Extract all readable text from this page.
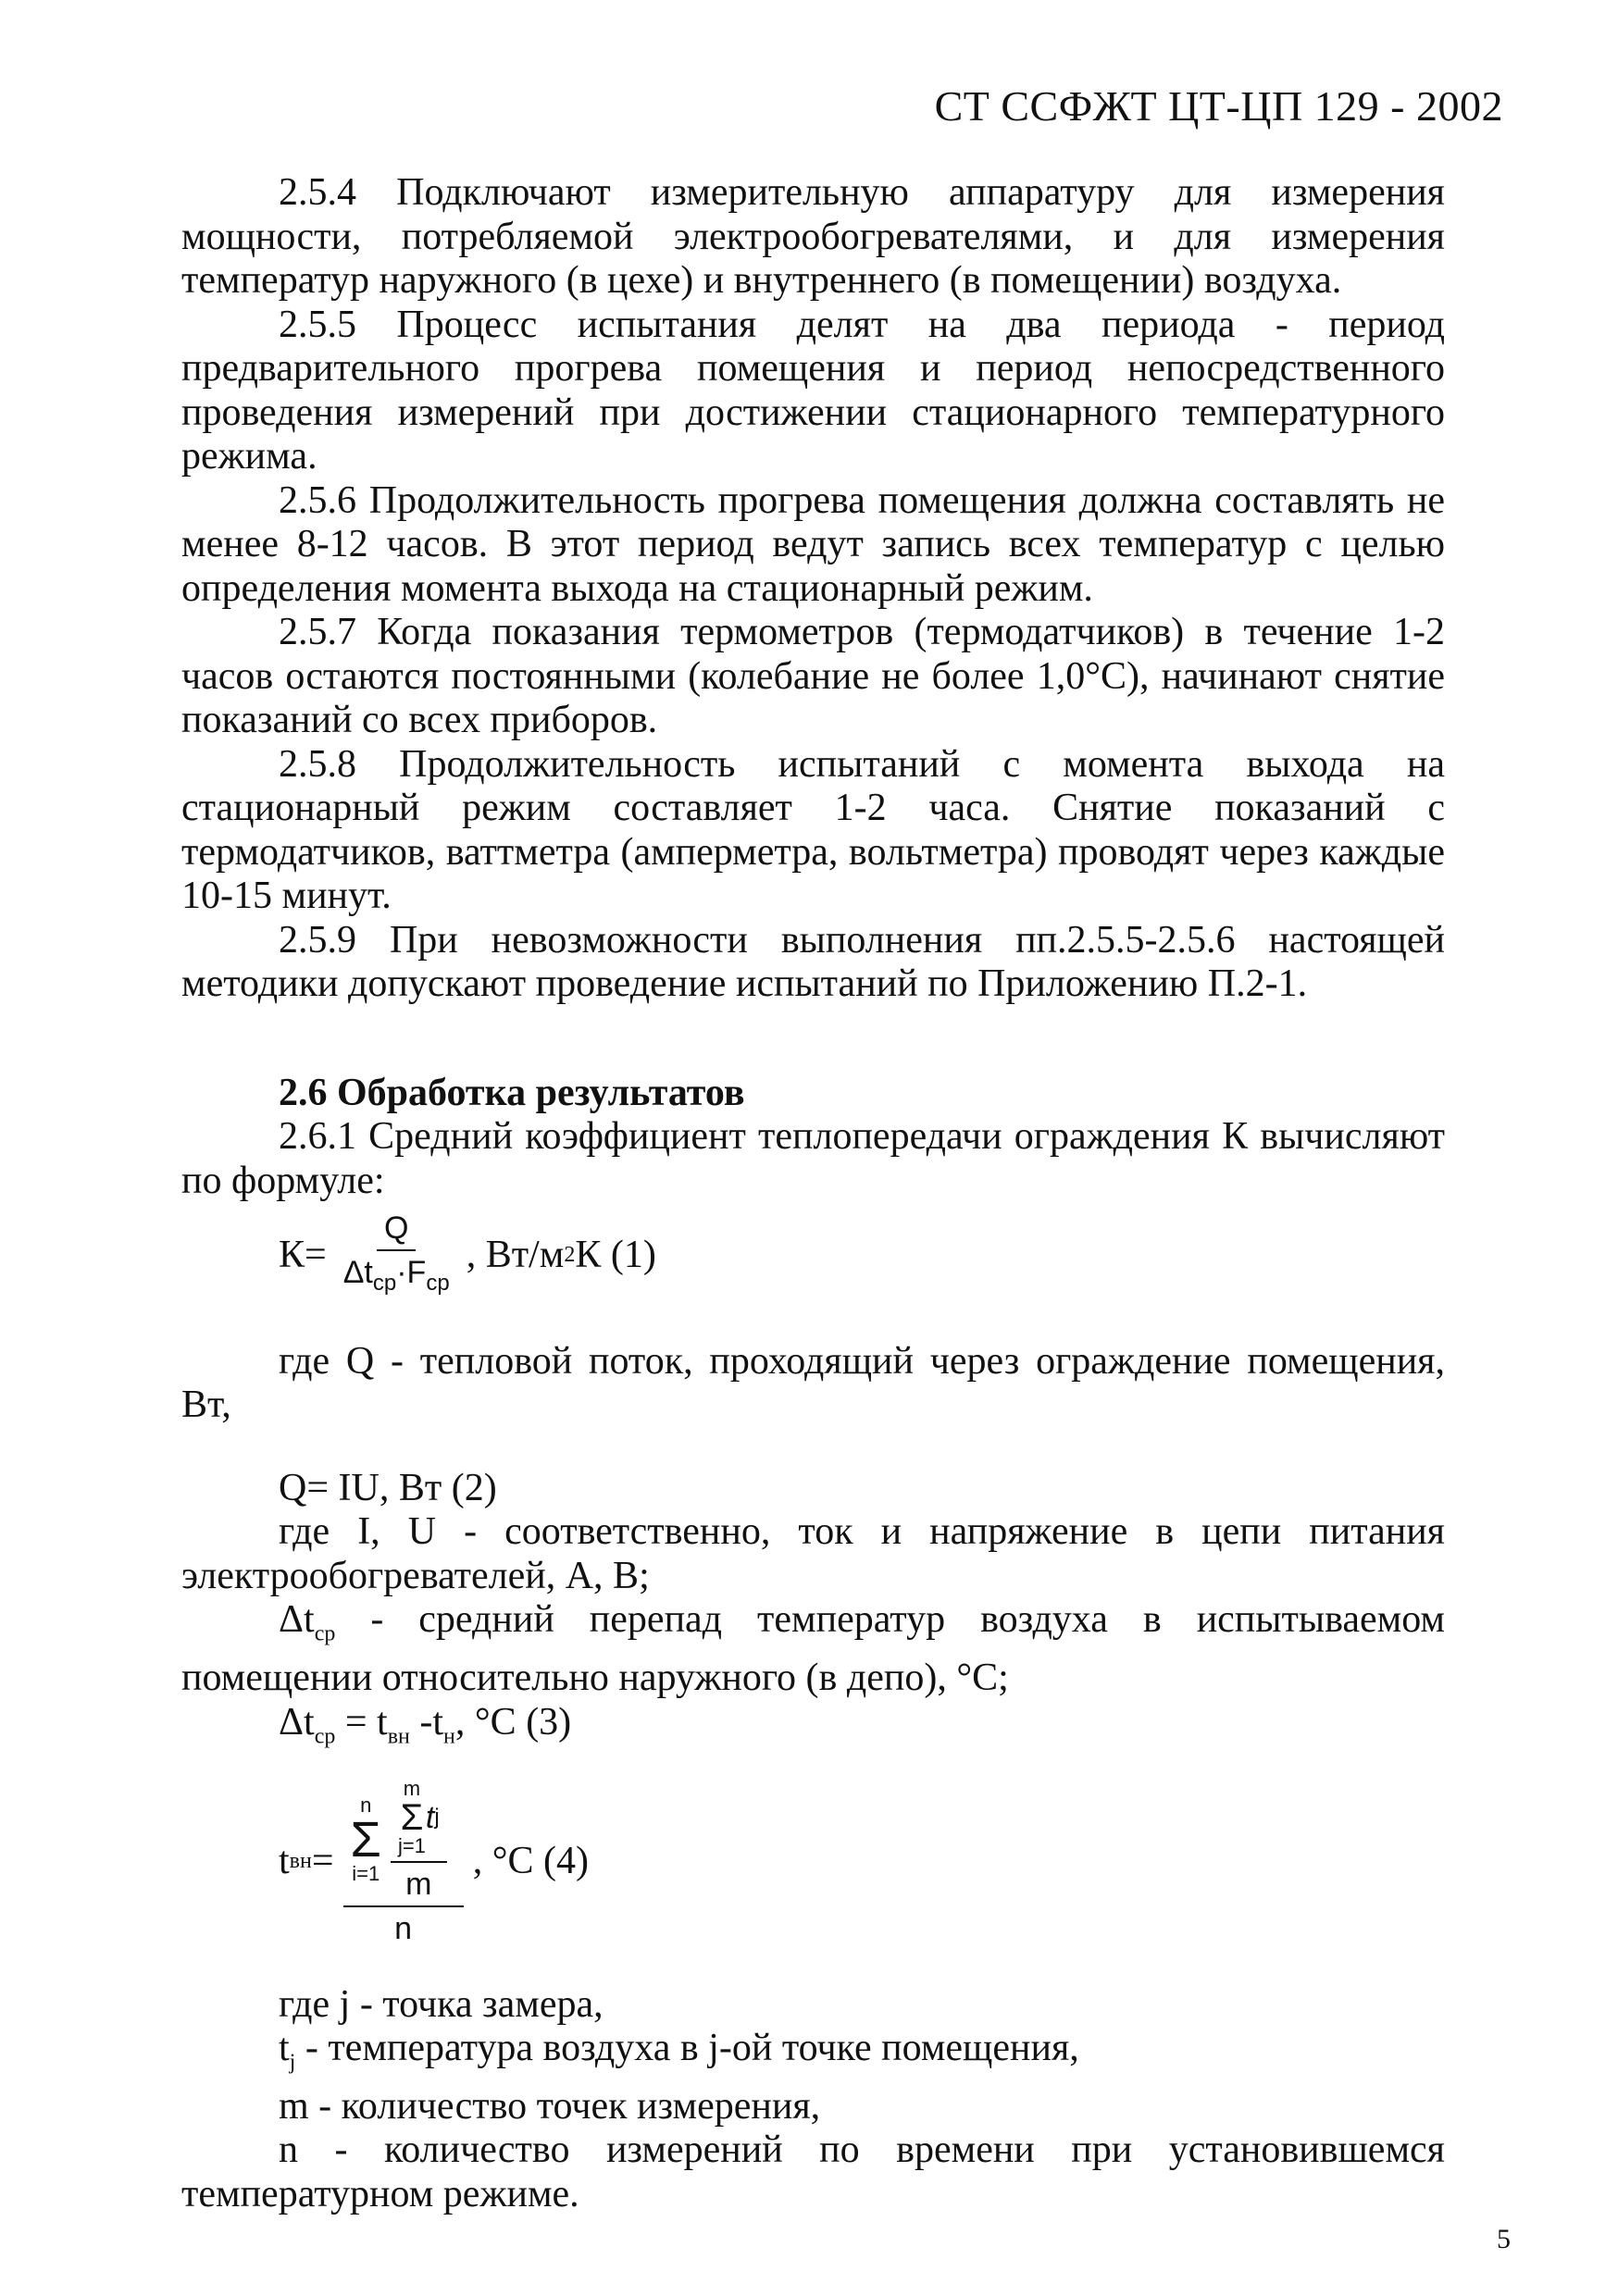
СТ ССФЖТ ЦТ-ЦП 129 - 2002

2.5.4 Подключают измерительную аппаратуру для измерения мощности, потребляемой электрообогревателями, и для измерения температур наружного (в цехе) и внутреннего (в помещении) воздуха.

2.5.5 Процесс испытания делят на два периода - период предварительного прогрева помещения и период непосредственного проведения измерений при достижении стационарного температурного режима.

2.5.6 Продолжительность прогрева помещения должна составлять не менее 8-12 часов. В этот период ведут запись всех температур с целью определения момента выхода на стационарный режим.

2.5.7 Когда показания термометров (термодатчиков) в течение 1-2 часов остаются постоянными (колебание не более 1,0°С), начинают снятие показаний со всех приборов.

2.5.8 Продолжительность испытаний с момента выхода на стационарный режим составляет 1-2 часа. Снятие показаний с термодатчиков, ваттметра (амперметра, вольтметра) проводят через каждые 10-15 минут.

2.5.9 При невозможности выполнения пп.2.5.5-2.5.6 настоящей методики допускают проведение испытаний по Приложению П.2-1.

2.6 Обработка результатов

2.6.1 Средний коэффициент теплопередачи ограждения К вычисляют по формуле:

$К= \frac{Q}{\Delta t_{ср}\cdot F_{ср}}$ , Вт/м 2 К (1)

где Q - тепловой поток, проходящий через ограждение помещения, Вт,

Q= IU, Вт (2)

где I, U - соответственно, ток и напряжение в цепи питания электрообогревателей, А, В;

$\Delta t_{ср}$ - средний перепад температур воздуха в испытываемом помещении относительно наружного (в депо), °С;

$\Delta t_{ср} = t_{вн}$ $-t_н$, °С (3)

t вн =
n
Σ
i=1
m
Σ
j=1
t j
m
n
, °С (4)

где j - точка замера,

$t_j$ - температура воздуха в j-ой точке помещения,

m - количество точек измерения,

n - количество измерений по времени при установившемся температурном режиме.

5
